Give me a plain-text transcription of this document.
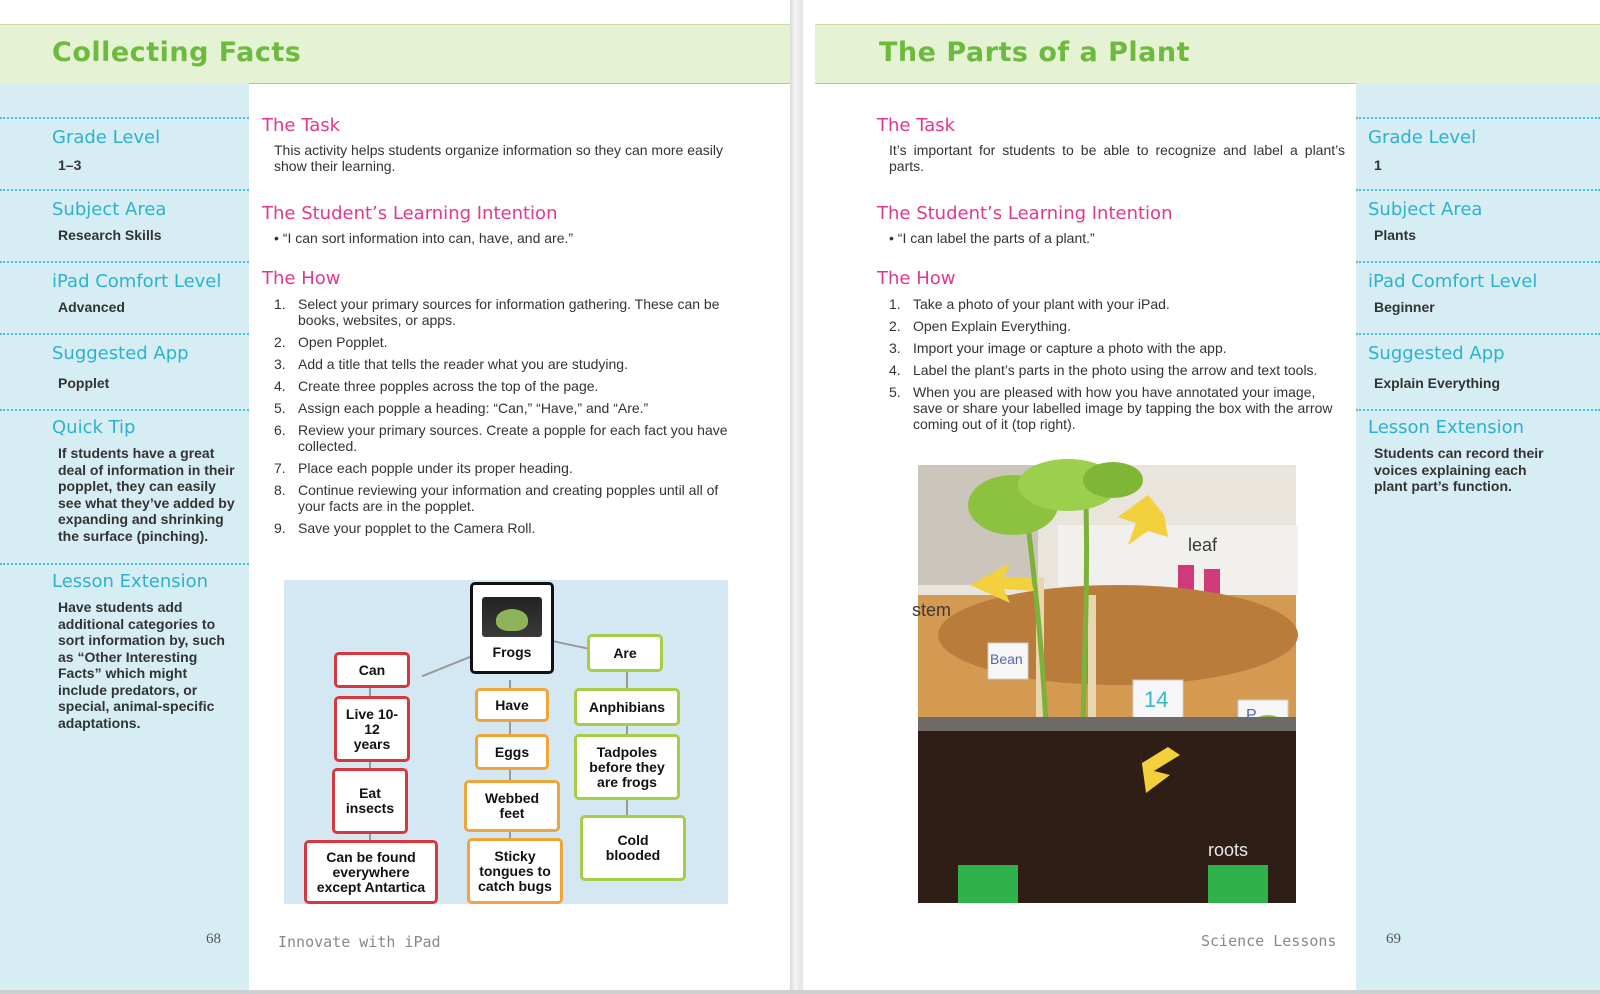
Collecting Facts
Grade Level
1–3
Subject Area
Research Skills
iPad Comfort Level
Advanced
Suggested App
Popplet
Quick Tip
If students have a great deal of information in their popplet, they can easily see what they’ve added by expanding and shrinking the surface (pinching).
Lesson Extension
Have students add additional categories to sort information by, such as “Other Interesting Facts” which might include predators, or special, animal-specific adaptations.
68
The Task
This activity helps students organize information so they can more easily show their learning.
The Student’s Learning Intention
• “I can sort information into can, have, and are.”
The How
1. Select your primary sources for information gathering. These can be books, websites, or apps.
2. Open Popplet.
3. Add a title that tells the reader what you are studying.
4. Create three popples across the top of the page.
5. Assign each popple a heading: “Can,” “Have,” and “Are.”
6. Review your primary sources. Create a popple for each fact you have collected.
7. Place each popple under its proper heading.
8. Continue reviewing your information and creating popples until all of your facts are in the popplet.
9. Save your popplet to the Camera Roll.
Frogs
Can
Live 10-12 years
Eat insects
Can be found everywhere except Antartica
Have
Eggs
Webbed feet
Sticky tongues to catch bugs
Are
Anphibians
Tadpoles before they are frogs
Cold blooded
Innovate with iPad
The Parts of a Plant
The Task
It’s important for students to be able to recognize and label a plant’s parts.
The Student’s Learning Intention
• “I can label the parts of a plant.”
The How
1. Take a photo of your plant with your iPad.
2. Open Explain Everything.
3. Import your image or capture a photo with the app.
4. Label the plant’s parts in the photo using the arrow and text tools.
5. When you are pleased with how you have annotated your image, save or share your labelled image by tapping the box with the arrow coming out of it (top right).
Science Lessons
Grade Level
1
Subject Area
Plants
iPad Comfort Level
Beginner
Suggested App
Explain Everything
Lesson Extension
Students can record their voices explaining each plant part’s function.
69
leaf
stem
roots
Bean
14
P
